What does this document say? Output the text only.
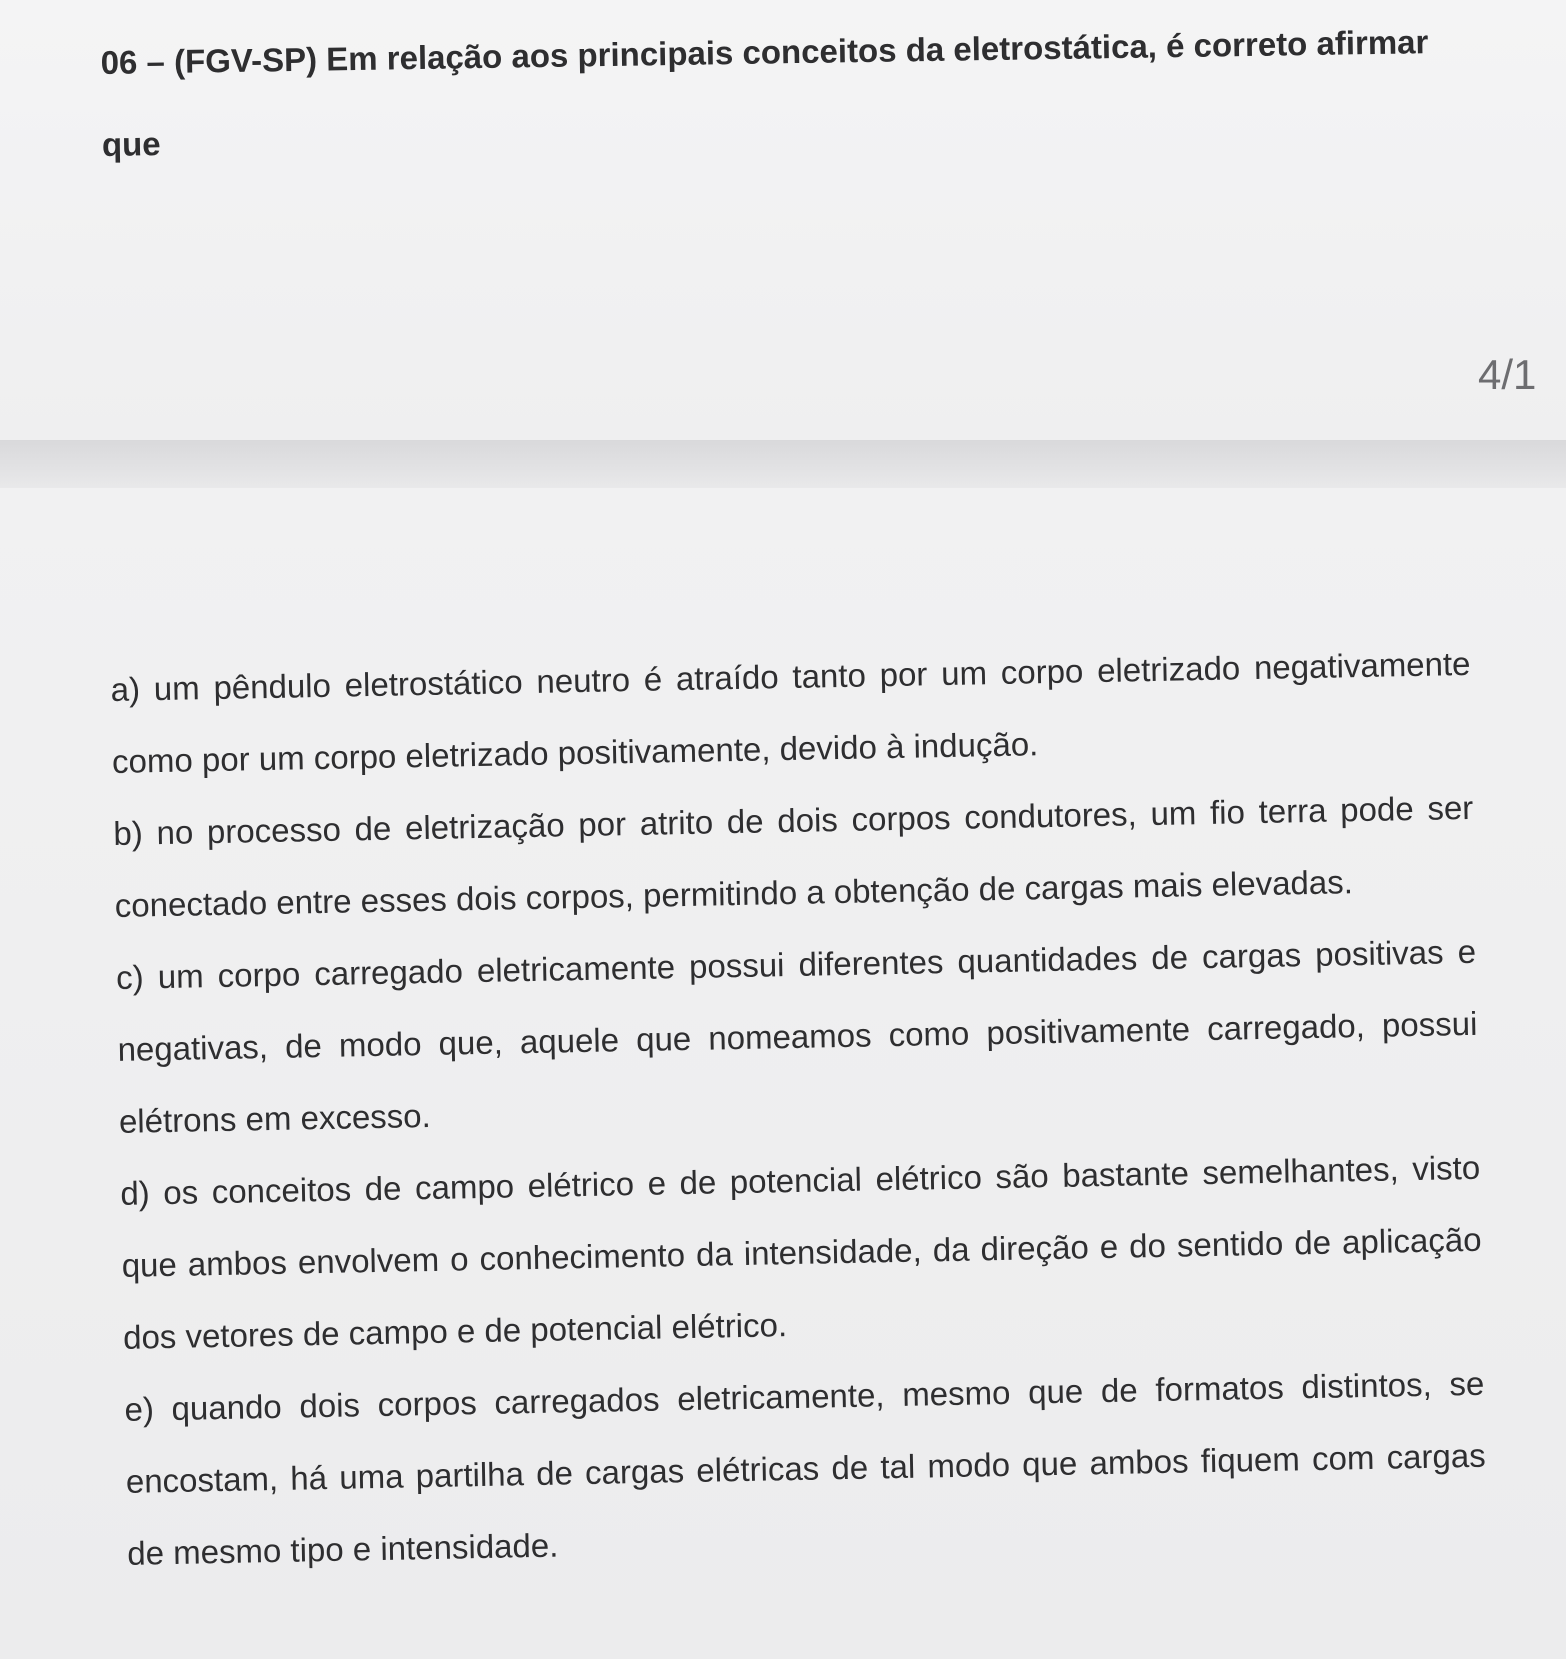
06 – (FGV-SP) Em relação aos principais conceitos da eletrostática, é correto afirmar que

4/1
a) um pêndulo eletrostático neutro é atraído tanto por um corpo eletrizado negativamente como por um corpo eletrizado positivamente, devido à indução.
b) no processo de eletrização por atrito de dois corpos condutores, um fio terra pode ser conectado entre esses dois corpos, permitindo a obtenção de cargas mais elevadas.
c) um corpo carregado eletricamente possui diferentes quantidades de cargas positivas e negativas, de modo que, aquele que nomeamos como positivamente carregado, possui elétrons em excesso.
d) os conceitos de campo elétrico e de potencial elétrico são bastante semelhantes, visto que ambos envolvem o conhecimento da intensidade, da direção e do sentido de aplicação dos vetores de campo e de potencial elétrico.
e) quando dois corpos carregados eletricamente, mesmo que de formatos distintos, se encostam, há uma partilha de cargas elétricas de tal modo que ambos fiquem com cargas de mesmo tipo e intensidade.
